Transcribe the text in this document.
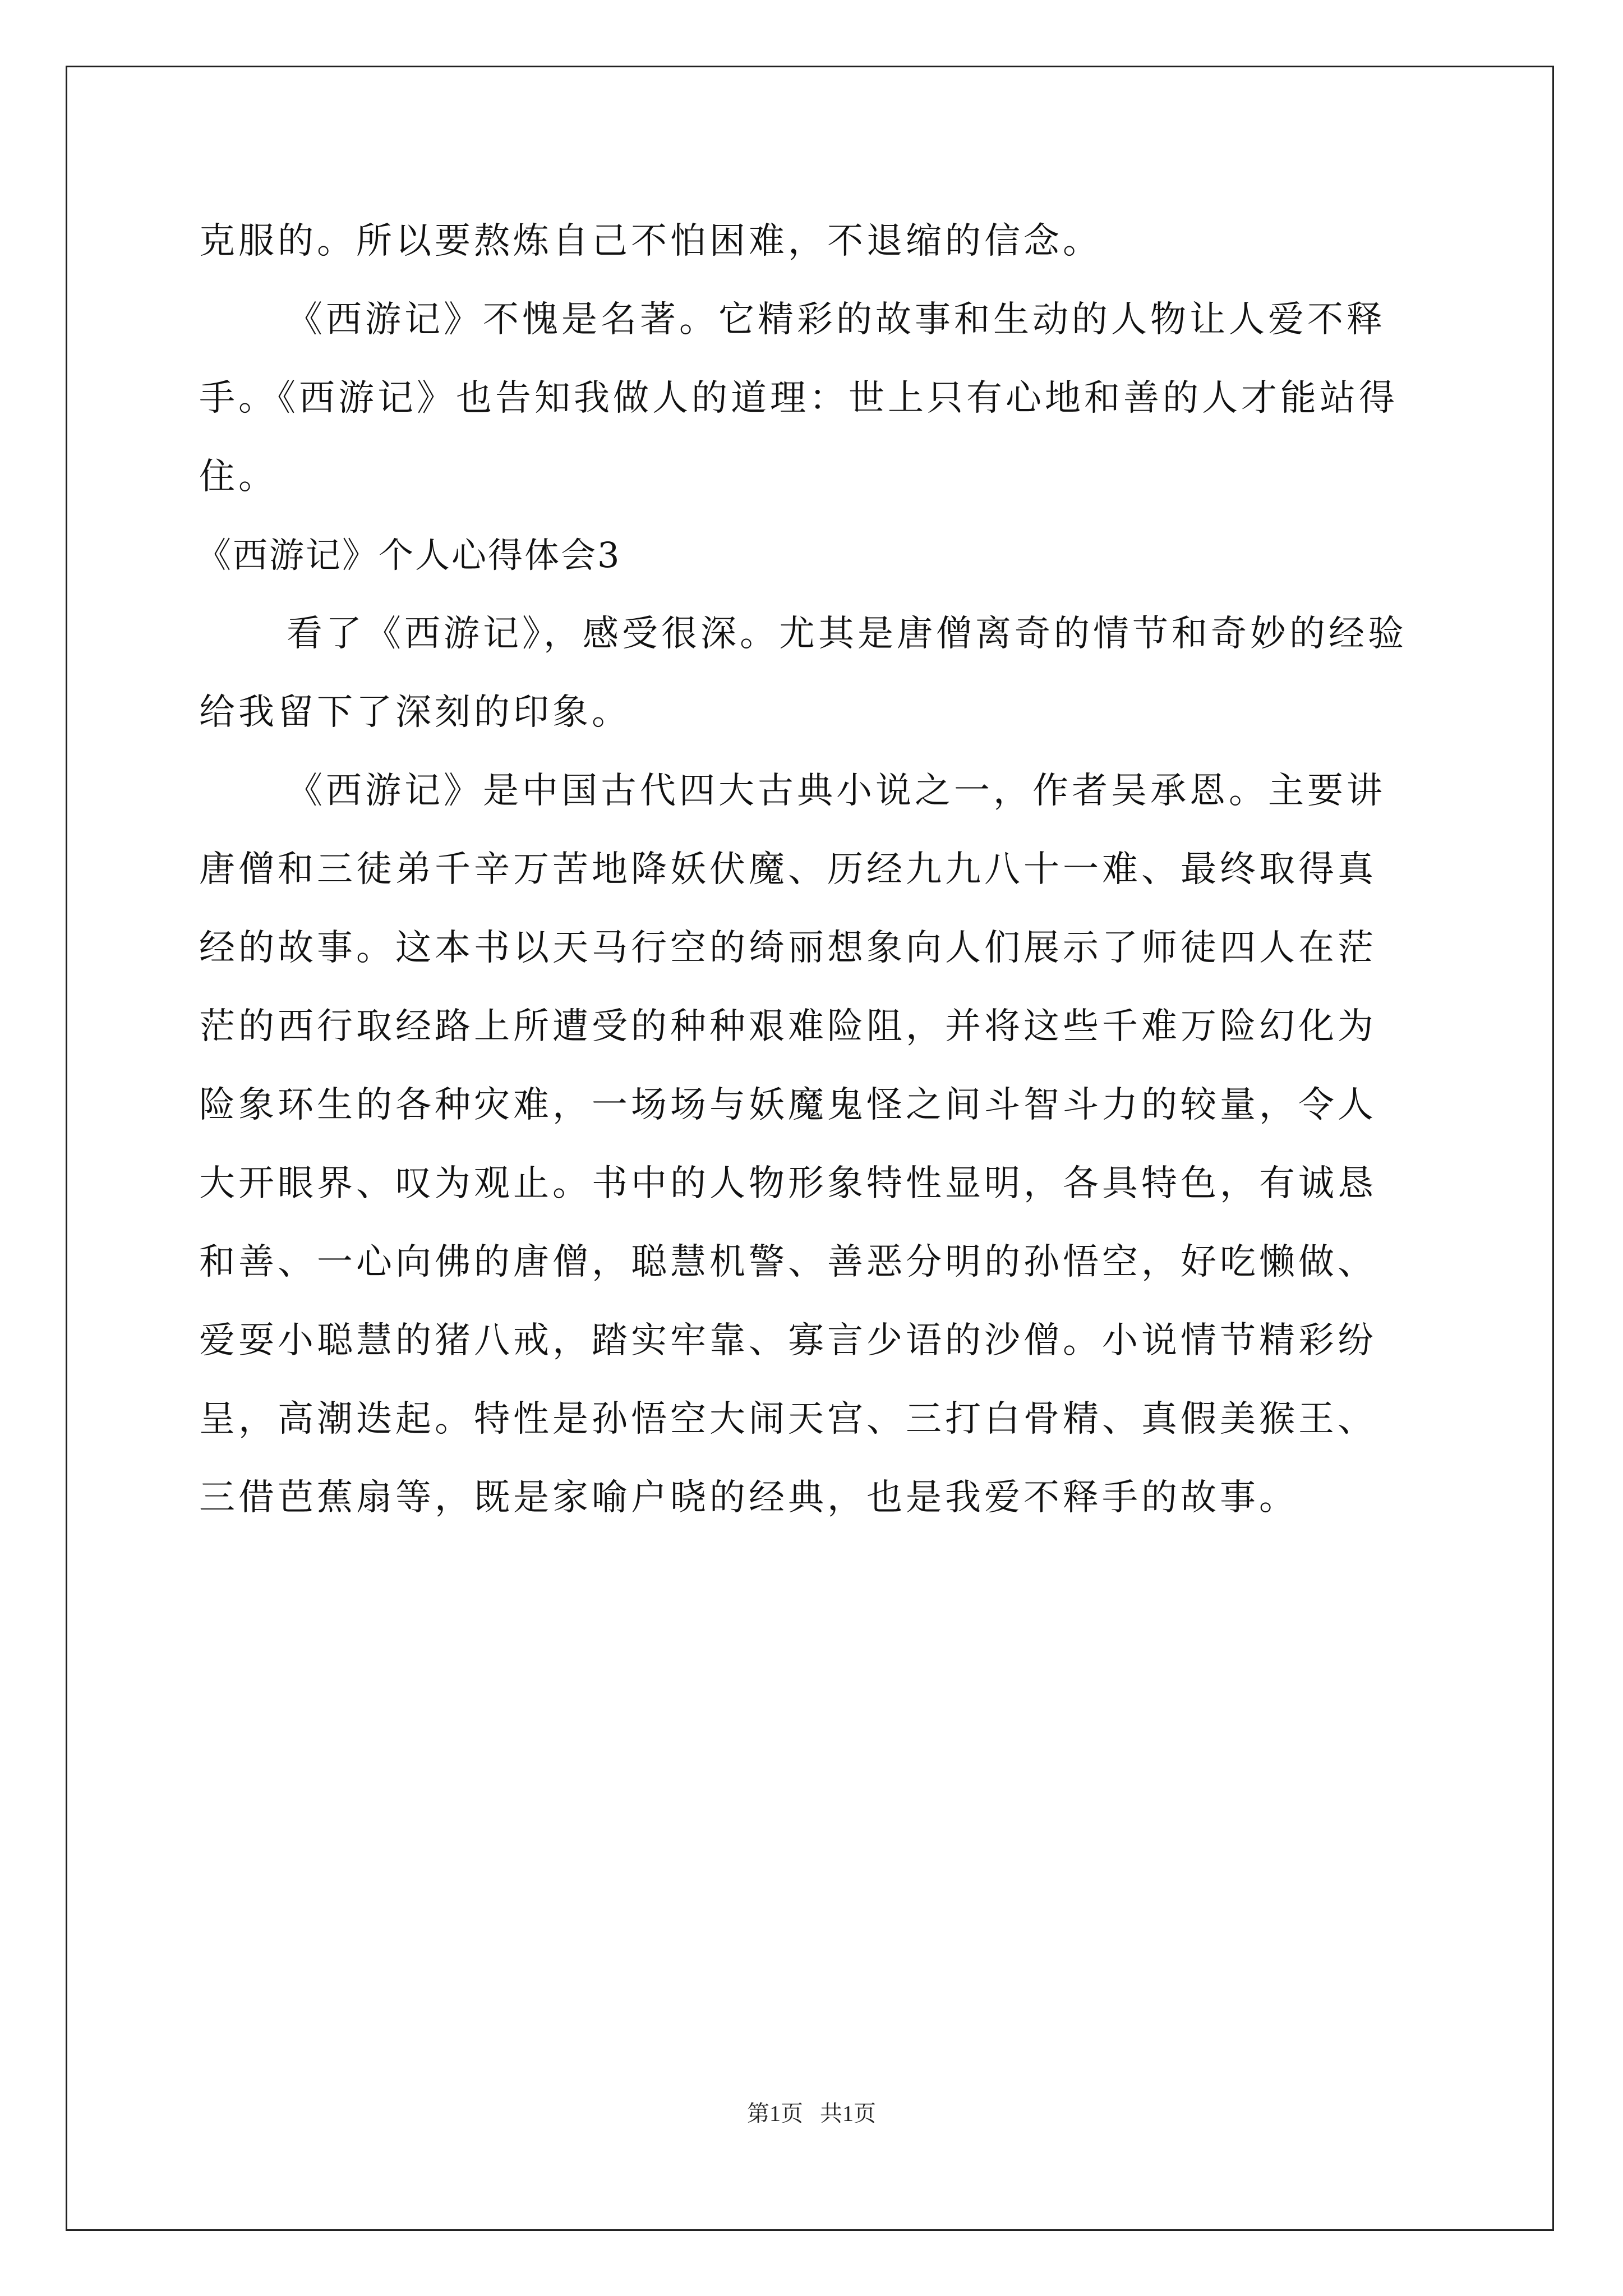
克服的。所以要熬炼自己不怕困难，不退缩的信念。
《西游记》不愧是名著。它精彩的故事和生动的人物让人爱不释
手。《西游记》也告知我做人的道理：世上只有心地和善的人才能站得
住。
《西游记》个人心得体会3
看了《西游记》，感受很深。尤其是唐僧离奇的情节和奇妙的经验
给我留下了深刻的印象。
《西游记》是中国古代四大古典小说之一，作者吴承恩。主要讲
唐僧和三徒弟千辛万苦地降妖伏魔、历经九九八十一难、最终取得真
经的故事。这本书以天马行空的绮丽想象向人们展示了师徒四人在茫
茫的西行取经路上所遭受的种种艰难险阻，并将这些千难万险幻化为
险象环生的各种灾难，一场场与妖魔鬼怪之间斗智斗力的较量，令人
大开眼界、叹为观止。书中的人物形象特性显明，各具特色，有诚恳
和善、一心向佛的唐僧，聪慧机警、善恶分明的孙悟空，好吃懒做、
爱耍小聪慧的猪八戒，踏实牢靠、寡言少语的沙僧。小说情节精彩纷
呈，高潮迭起。特性是孙悟空大闹天宫、三打白骨精、真假美猴王、
三借芭蕉扇等，既是家喻户晓的经典，也是我爱不释手的故事。
第1页 共1页
